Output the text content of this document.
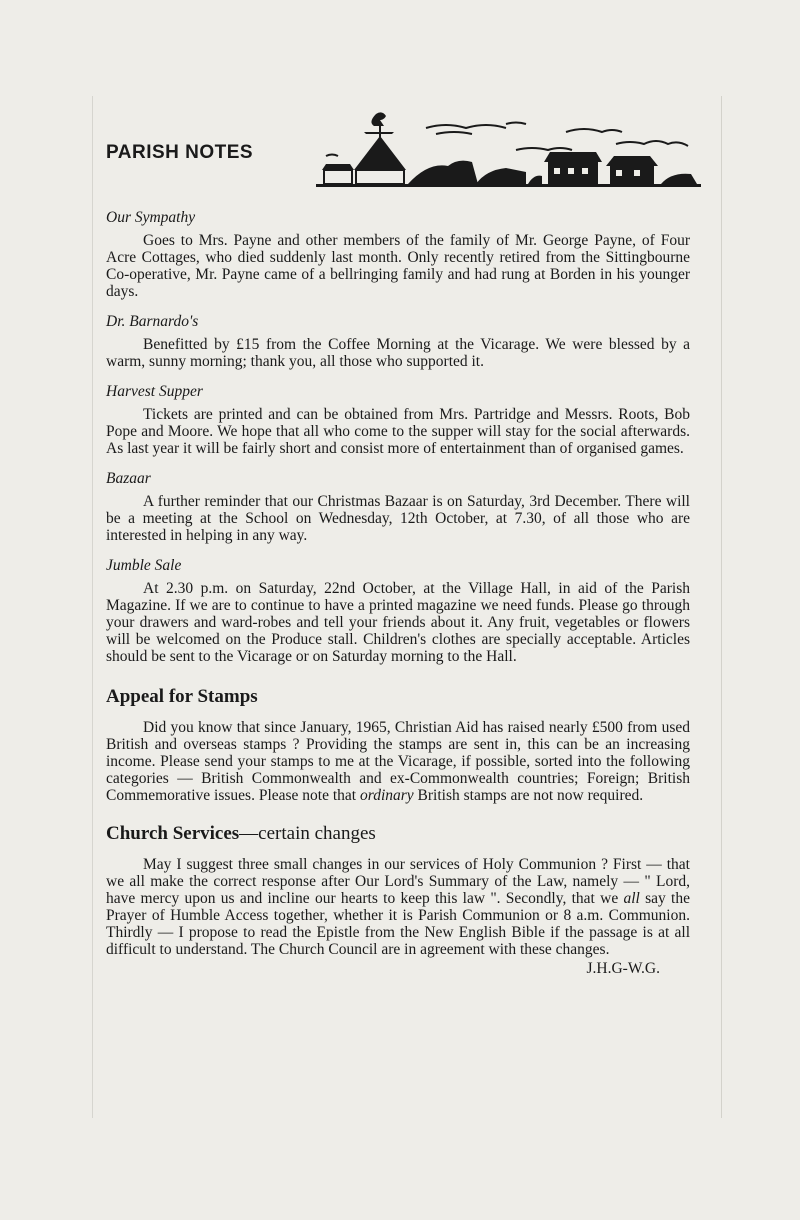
PARISH NOTES

Our Sympathy

Goes to Mrs. Payne and other members of the family of Mr. George Payne, of Four Acre Cottages, who died suddenly last month. Only recently retired from the Sittingbourne Co-operative, Mr. Payne came of a bellringing family and had rung at Borden in his younger days.

Dr. Barnardo's

Benefitted by £15 from the Coffee Morning at the Vicarage. We were blessed by a warm, sunny morning; thank you, all those who supported it.

Harvest Supper

Tickets are printed and can be obtained from Mrs. Partridge and Messrs. Roots, Bob Pope and Moore. We hope that all who come to the supper will stay for the social afterwards. As last year it will be fairly short and consist more of entertainment than of organised games.

Bazaar

A further reminder that our Christmas Bazaar is on Saturday, 3rd December. There will be a meeting at the School on Wednesday, 12th October, at 7.30, of all those who are interested in helping in any way.

Jumble Sale

At 2.30 p.m. on Saturday, 22nd October, at the Village Hall, in aid of the Parish Magazine. If we are to continue to have a printed magazine we need funds. Please go through your drawers and ward-robes and tell your friends about it. Any fruit, vegetables or flowers will be welcomed on the Produce stall. Children's clothes are specially acceptable. Articles should be sent to the Vicarage or on Saturday morning to the Hall.

Appeal for Stamps

Did you know that since January, 1965, Christian Aid has raised nearly £500 from used British and overseas stamps ? Providing the stamps are sent in, this can be an increasing income. Please send your stamps to me at the Vicarage, if possible, sorted into the following categories — British Commonwealth and ex-Commonwealth countries; Foreign; British Commemorative issues. Please note that ordinary British stamps are not now required.

Church Services—certain changes

May I suggest three small changes in our services of Holy Communion ? First — that we all make the correct response after Our Lord's Summary of the Law, namely — " Lord, have mercy upon us and incline our hearts to keep this law ". Secondly, that we all say the Prayer of Humble Access together, whether it is Parish Communion or 8 a.m. Communion. Thirdly — I propose to read the Epistle from the New English Bible if the passage is at all difficult to understand. The Church Council are in agreement with these changes.

J.H.G-W.G.
